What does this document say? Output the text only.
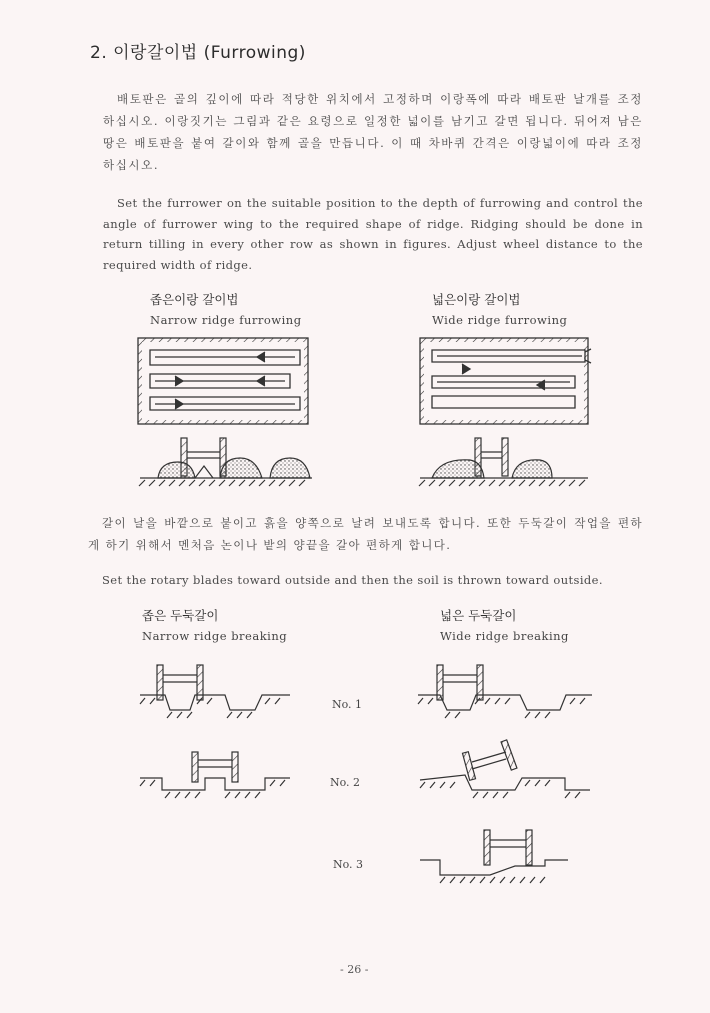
2. 이랑갈이법 (Furrowing)
배토판은 골의 깊이에 따라 적당한 위치에서 고정하며 이랑폭에 따라 배토판 날개를 조정하십시오. 이랑짓기는 그림과 같은 요령으로 일정한 넓이를 남기고 갈면 됩니다. 뒤어져 남은 땅은 배토판을 붙여 갈이와 함께 골을 만듭니다. 이 때 차바퀴 간격은 이랑넓이에 따라 조정하십시오.
Set the furrower on the suitable position to the depth of furrowing and control the angle of furrower wing to the required shape of ridge. Ridging should be done in return tilling in every other row as shown in figures. Adjust wheel distance to the required width of ridge.
좁은이랑 갈이법
Narrow ridge furrowing
넓은이랑 갈이법
Wide ridge furrowing
갈이 날을 바깥으로 붙이고 흙을 양쪽으로 날려 보내도록 합니다. 또한 두둑갈이 작업을 편하게 하기 위해서 멘처음 논이나 밭의 양끝을 갈아 편하게 합니다.
Set the rotary blades toward outside and then the soil is thrown toward outside.
좁은 두둑갈이
Narrow ridge breaking
넓은 두둑갈이
Wide ridge breaking
No. 1
No. 2
No. 3
- 26 -
